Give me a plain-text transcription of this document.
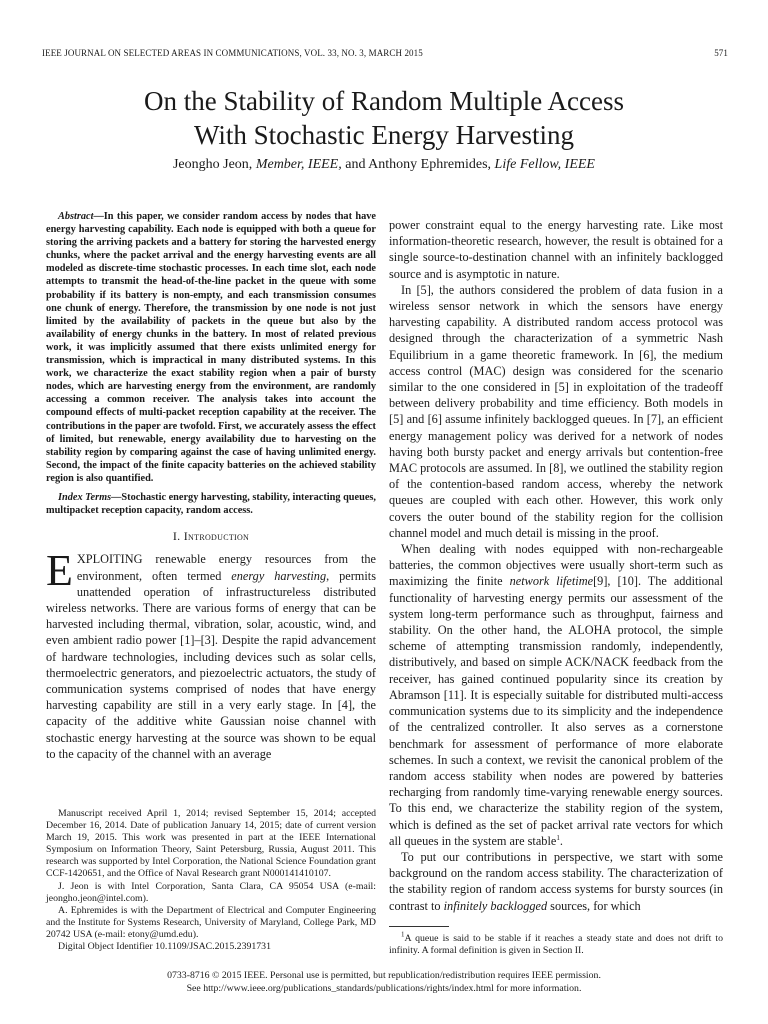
IEEE JOURNAL ON SELECTED AREAS IN COMMUNICATIONS, VOL. 33, NO. 3, MARCH 2015	571
On the Stability of Random Multiple Access
With Stochastic Energy Harvesting
Jeongho Jeon, Member, IEEE, and Anthony Ephremides, Life Fellow, IEEE

Abstract—In this paper, we consider random access by nodes that have energy harvesting capability. Each node is equipped with both a queue for storing the arriving packets and a battery for storing the harvested energy chunks, where the packet arrival and the energy harvesting events are all modeled as discrete-time stochastic processes. In each time slot, each node attempts to transmit the head-of-the-line packet in the queue with some probability if its battery is non-empty, and each transmission consumes one chunk of energy. Therefore, the transmission by one node is not just limited by the availability of packets in the queue but also by the availability of energy chunks in the battery. In most of related previous work, it was implicitly assumed that there exists unlimited energy for transmission, which is impractical in many distributed systems. In this work, we characterize the exact stability region when a pair of bursty nodes, which are harvesting energy from the environment, are randomly accessing a common receiver. The analysis takes into account the compound effects of multi-packet reception capability at the receiver. The contributions in the paper are twofold. First, we accurately assess the effect of limited, but renewable, energy availability due to harvesting on the stability region by comparing against the case of having unlimited energy. Second, the impact of the finite capacity batteries on the achieved stability region is also quantified.

Index Terms—Stochastic energy harvesting, stability, interacting queues, multipacket reception capacity, random access.

I. Introduction

EXPLOITING renewable energy resources from the environment, often termed energy harvesting, permits unattended operation of infrastructureless distributed wireless networks. There are various forms of energy that can be harvested including thermal, vibration, solar, acoustic, wind, and even ambient radio power [1]–[3]. Despite the rapid advancement of hardware technologies, including devices such as solar cells, thermoelectric generators, and piezoelectric actuators, the study of communication systems comprised of nodes that have energy harvesting capability are still in a very early stage. In [4], the capacity of the additive white Gaussian noise channel with stochastic energy harvesting at the source was shown to be equal to the capacity of the channel with an average

Manuscript received April 1, 2014; revised September 15, 2014; accepted December 16, 2014. Date of publication January 14, 2015; date of current version March 19, 2015. This work was presented in part at the IEEE International Symposium on Information Theory, Saint Petersburg, Russia, August 2011. This research was supported by Intel Corporation, the National Science Foundation grant CCF-1420651, and the Office of Naval Research grant N000141410107.

J. Jeon is with Intel Corporation, Santa Clara, CA 95054 USA (e-mail: jeongho.jeon@intel.com).

A. Ephremides is with the Department of Electrical and Computer Engineering and the Institute for Systems Research, University of Maryland, College Park, MD 20742 USA (e-mail: etony@umd.edu).

Digital Object Identifier 10.1109/JSAC.2015.2391731

power constraint equal to the energy harvesting rate. Like most information-theoretic research, however, the result is obtained for a single source-to-destination channel with an infinitely backlogged source and is asymptotic in nature.

In [5], the authors considered the problem of data fusion in a wireless sensor network in which the sensors have energy harvesting capability. A distributed random access protocol was designed through the characterization of a symmetric Nash Equilibrium in a game theoretic framework. In [6], the medium access control (MAC) design was considered for the scenario similar to the one considered in [5] in exploitation of the tradeoff between delivery probability and time efficiency. Both models in [5] and [6] assume infinitely backlogged queues. In [7], an efficient energy management policy was derived for a network of nodes having both bursty packet and energy arrivals but contention-free MAC protocols are assumed. In [8], we outlined the stability region of the contention-based random access, whereby the network queues are coupled with each other. However, this work only covers the outer bound of the stability region for the collision channel model and much detail is missing in the proof.

When dealing with nodes equipped with non-rechargeable batteries, the common objectives were usually short-term such as maximizing the finite network lifetime[9], [10]. The additional functionality of harvesting energy permits our assessment of the system long-term performance such as throughput, fairness and stability. On the other hand, the ALOHA protocol, the simple scheme of attempting transmission randomly, independently, distributively, and based on simple ACK/NACK feedback from the receiver, has gained continued popularity since its creation by Abramson [11]. It is especially suitable for distributed multi-access communication systems due to its simplicity and the independence of the centralized controller. It also serves as a cornerstone benchmark for assessment of performance of more elaborate schemes. In such a context, we revisit the canonical problem of the random access stability when nodes are powered by batteries recharging from randomly time-varying renewable energy sources. To this end, we characterize the stability region of the system, which is defined as the set of packet arrival rate vectors for which all queues in the system are stable$^1$.

To put our contributions in perspective, we start with some background on the random access stability. The characterization of the stability region of random access systems for bursty sources (in contrast to infinitely backlogged sources, for which

$^1$A queue is said to be stable if it reaches a steady state and does not drift to infinity. A formal definition is given in Section II.

0733-8716 © 2015 IEEE. Personal use is permitted, but republication/redistribution requires IEEE permission.
See http://www.ieee.org/publications_standards/publications/rights/index.html for more information.
